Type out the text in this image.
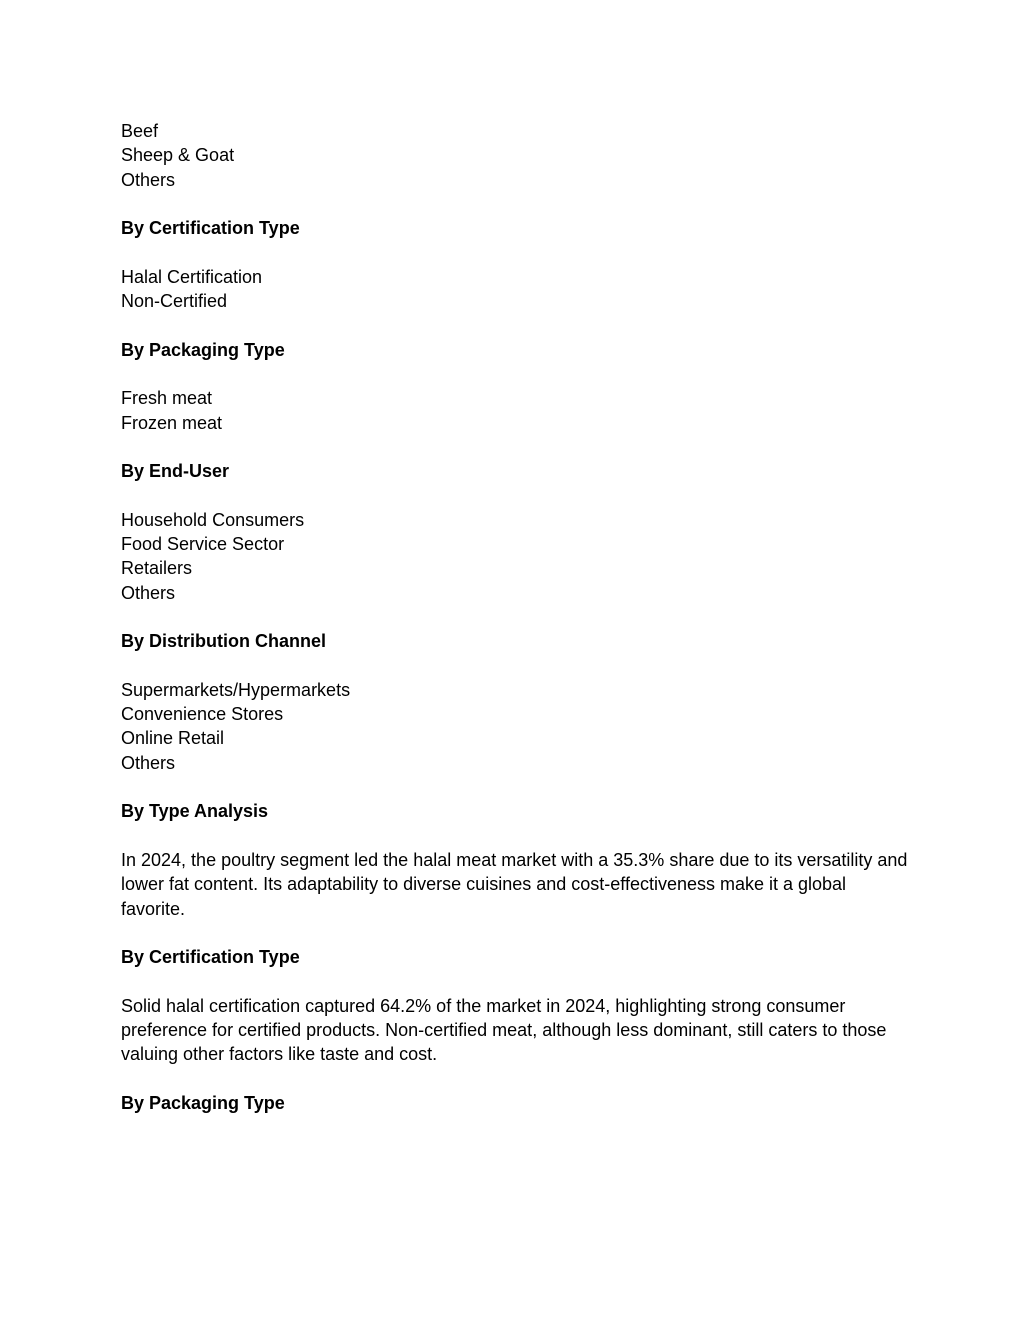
Beef
Sheep & Goat
Others
By Certification Type
Halal Certification
Non-Certified
By Packaging Type
Fresh meat
Frozen meat
By End-User
Household Consumers
Food Service Sector
Retailers
Others
By Distribution Channel
Supermarkets/Hypermarkets
Convenience Stores
Online Retail
Others
By Type Analysis

In 2024, the poultry segment led the halal meat market with a 35.3% share due to its versatility and lower fat content. Its adaptability to diverse cuisines and cost-effectiveness make it a global favorite.

By Certification Type

Solid halal certification captured 64.2% of the market in 2024, highlighting strong consumer preference for certified products. Non-certified meat, although less dominant, still caters to those valuing other factors like taste and cost.

By Packaging Type
